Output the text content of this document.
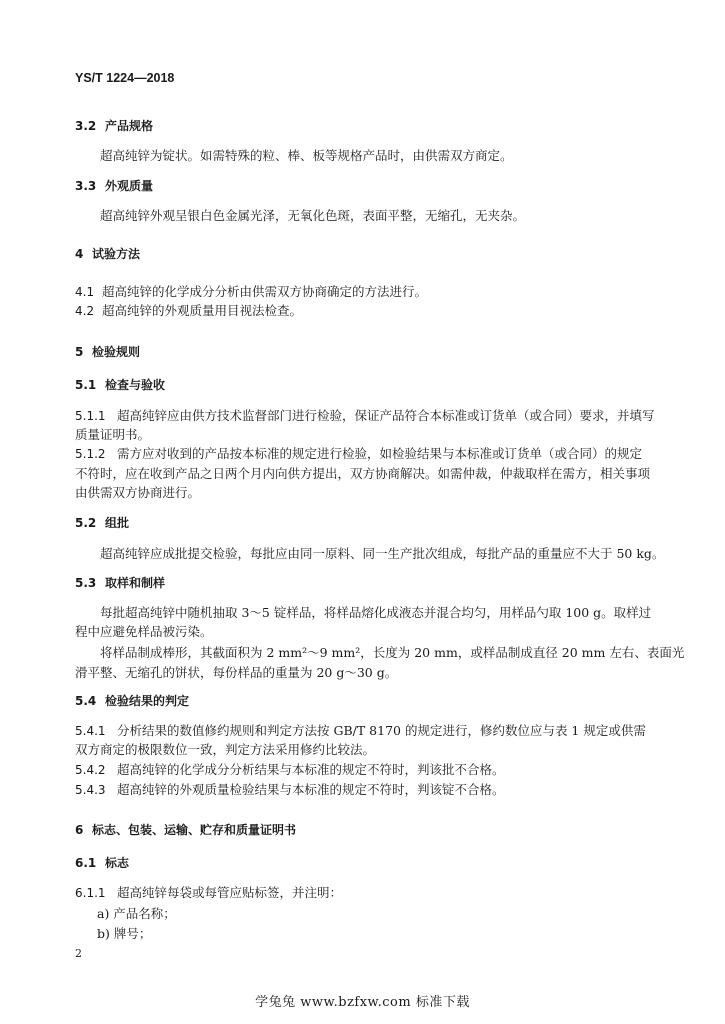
YS/T 1224—2018
3.2 产品规格
超高纯锌为锭状。如需特殊的粒、棒、板等规格产品时，由供需双方商定。
3.3 外观质量
超高纯锌外观呈银白色金属光泽，无氧化色斑，表面平整，无缩孔，无夹杂。
4 试验方法
4.1 超高纯锌的化学成分分析由供需双方协商确定的方法进行。
4.2 超高纯锌的外观质量用目视法检查。
5 检验规则
5.1 检查与验收
5.1.1 超高纯锌应由供方技术监督部门进行检验，保证产品符合本标准或订货单（或合同）要求，并填写
质量证明书。
5.1.2 需方应对收到的产品按本标准的规定进行检验，如检验结果与本标准或订货单（或合同）的规定
不符时，应在收到产品之日两个月内向供方提出，双方协商解决。如需仲裁，仲裁取样在需方，相关事项
由供需双方协商进行。
5.2 组批
超高纯锌应成批提交检验，每批应由同一原料、同一生产批次组成，每批产品的重量应不大于 50 kg。
5.3 取样和制样
每批超高纯锌中随机抽取 3～5 锭样品，将样品熔化成液态并混合均匀，用样品勺取 100 g。取样过
程中应避免样品被污染。
将样品制成棒形，其截面积为 2 mm²～9 mm²，长度为 20 mm，或样品制成直径 20 mm 左右、表面光
滑平整、无缩孔的饼状，每份样品的重量为 20 g～30 g。
5.4 检验结果的判定
5.4.1 分析结果的数值修约规则和判定方法按 GB/T 8170 的规定进行，修约数位应与表 1 规定或供需
双方商定的极限数位一致，判定方法采用修约比较法。
5.4.2 超高纯锌的化学成分分析结果与本标准的规定不符时，判该批不合格。
5.4.3 超高纯锌的外观质量检验结果与本标准的规定不符时，判该锭不合格。
6 标志、包装、运输、贮存和质量证明书
6.1 标志
6.1.1 超高纯锌每袋或每管应贴标签，并注明：
a) 产品名称；
b) 牌号；
2
学兔兔 www.bzfxw.com 标准下载
